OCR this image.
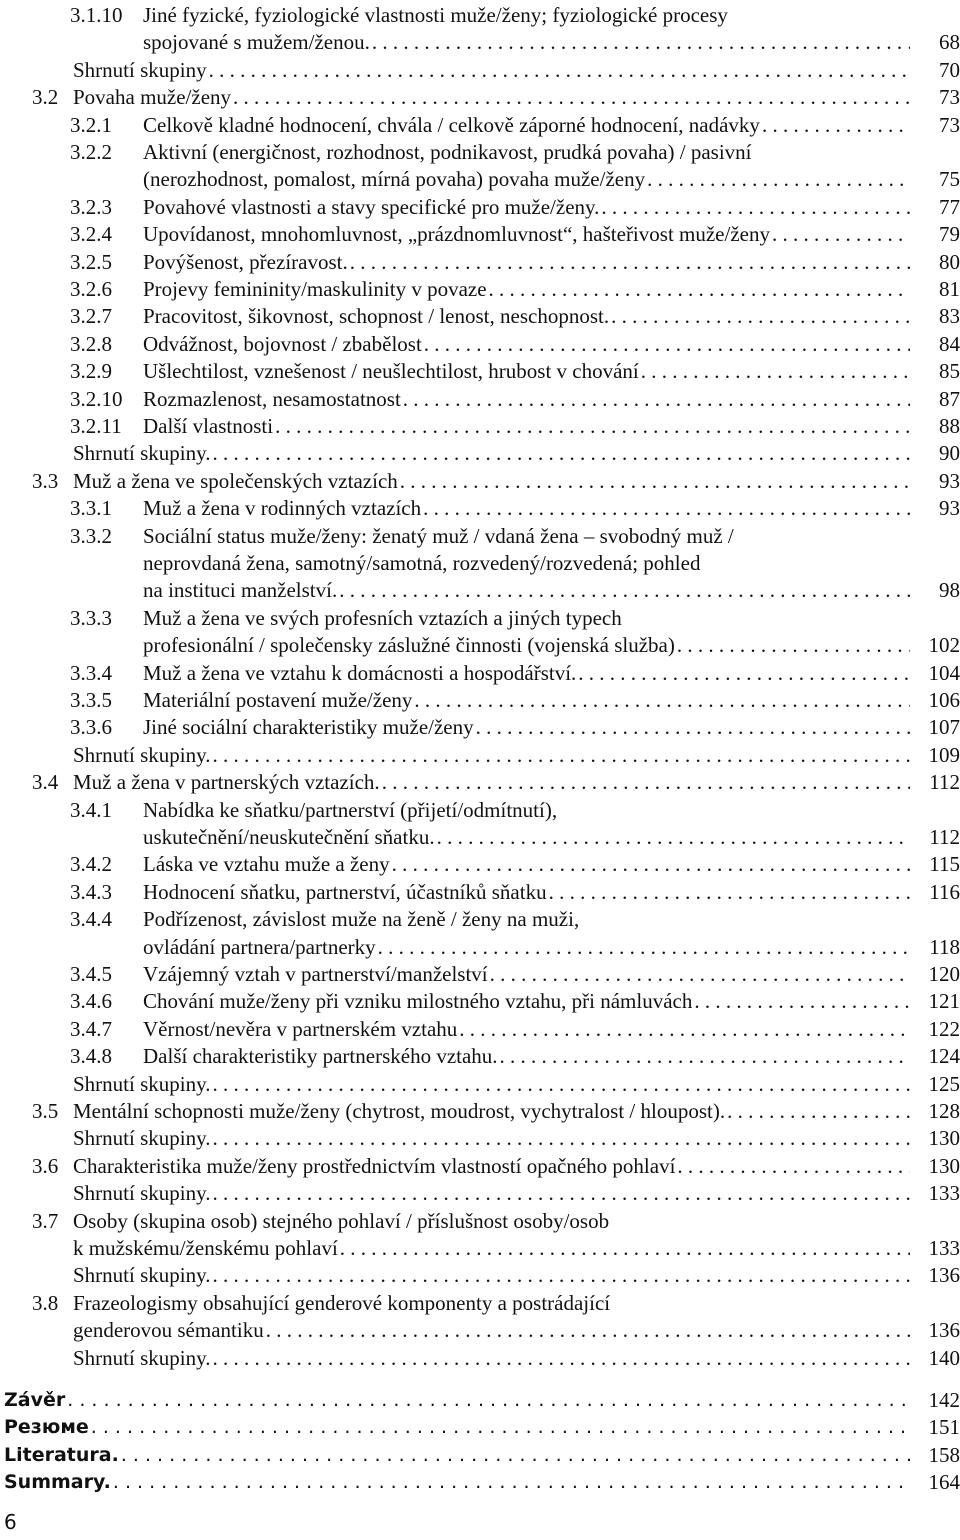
3.1.10 Jiné fyzické, fyziologické vlastnosti muže/ženy; fyziologické procesy
spojované s mužem/ženou. . . .	68
Shrnutí skupiny . . .	70
3.2 Povaha muže/ženy . . .	73
3.2.1 Celkově kladné hodnocení, chvála / celkově záporné hodnocení, nadávky . . .	73
3.2.2 Aktivní (energičnost, rozhodnost, podnikavost, prudká povaha) / pasivní
(nerozhodnost, pomalost, mírná povaha) povaha muže/ženy . . .	75
3.2.3 Povahové vlastnosti a stavy specifické pro muže/ženy. . . .	77
3.2.4 Upovídanost, mnohomluvnost, „prázdnomluvnost“, hašteřivost muže/ženy . . .	79
3.2.5 Povýšenost, přezíravost. . . .	80
3.2.6 Projevy femininity/maskulinity v povaze . . .	81
3.2.7 Pracovitost, šikovnost, schopnost / lenost, neschopnost. . . .	83
3.2.8 Odvážnost, bojovnost / zbabělost . . .	84
3.2.9 Ušlechtilost, vznešenost / neušlechtilost, hrubost v chování . . .	85
3.2.10 Rozmazlenost, nesamostatnost . . .	87
3.2.11 Další vlastnosti . . .	88
Shrnutí skupiny. . . .	90
3.3 Muž a žena ve společenských vztazích . . .	93
3.3.1 Muž a žena v rodinných vztazích . . .	93
3.3.2 Sociální status muže/ženy: ženatý muž / vdaná žena – svobodný muž /
neprovdaná žena, samotný/samotná, rozvedený/rozvedená; pohled
na instituci manželství. . . .	98
3.3.3 Muž a žena ve svých profesních vztazích a jiných typech
profesionální / společensky záslužné činnosti (vojenská služba) . . .	102
3.3.4 Muž a žena ve vztahu k domácnosti a hospodářství. . . .	104
3.3.5 Materiální postavení muže/ženy . . .	106
3.3.6 Jiné sociální charakteristiky muže/ženy . . .	107
Shrnutí skupiny. . . .	109
3.4 Muž a žena v partnerských vztazích. . . .	112
3.4.1 Nabídka ke sňatku/partnerství (přijetí/odmítnutí),
uskutečnění/neuskutečnění sňatku. . . .	112
3.4.2 Láska ve vztahu muže a ženy . . .	115
3.4.3 Hodnocení sňatku, partnerství, účastníků sňatku . . .	116
3.4.4 Podřízenost, závislost muže na ženě / ženy na muži,
ovládání partnera/partnerky . . .	118
3.4.5 Vzájemný vztah v partnerství/manželství . . .	120
3.4.6 Chování muže/ženy při vzniku milostného vztahu, při námluvách . . .	121
3.4.7 Věrnost/nevěra v partnerském vztahu . . .	122
3.4.8 Další charakteristiky partnerského vztahu. . . .	124
Shrnutí skupiny. . . .	125
3.5 Mentální schopnosti muže/ženy (chytrost, moudrost, vychytralost / hloupost). . . .	128
Shrnutí skupiny. . . .	130
3.6 Charakteristika muže/ženy prostřednictvím vlastností opačného pohlaví . . .	130
Shrnutí skupiny. . . .	133
3.7 Osoby (skupina osob) stejného pohlaví / příslušnost osoby/osob
k mužskému/ženskému pohlaví . . .	133
Shrnutí skupiny. . . .	136
3.8 Frazeologismy obsahující genderové komponenty a postrádající
genderovou sémantiku . . .	136
Shrnutí skupiny. . . .	140
Závěr . . .	142
Резюме . . .	151
Literatura. . . .	158
Summary. . . .	164
6
